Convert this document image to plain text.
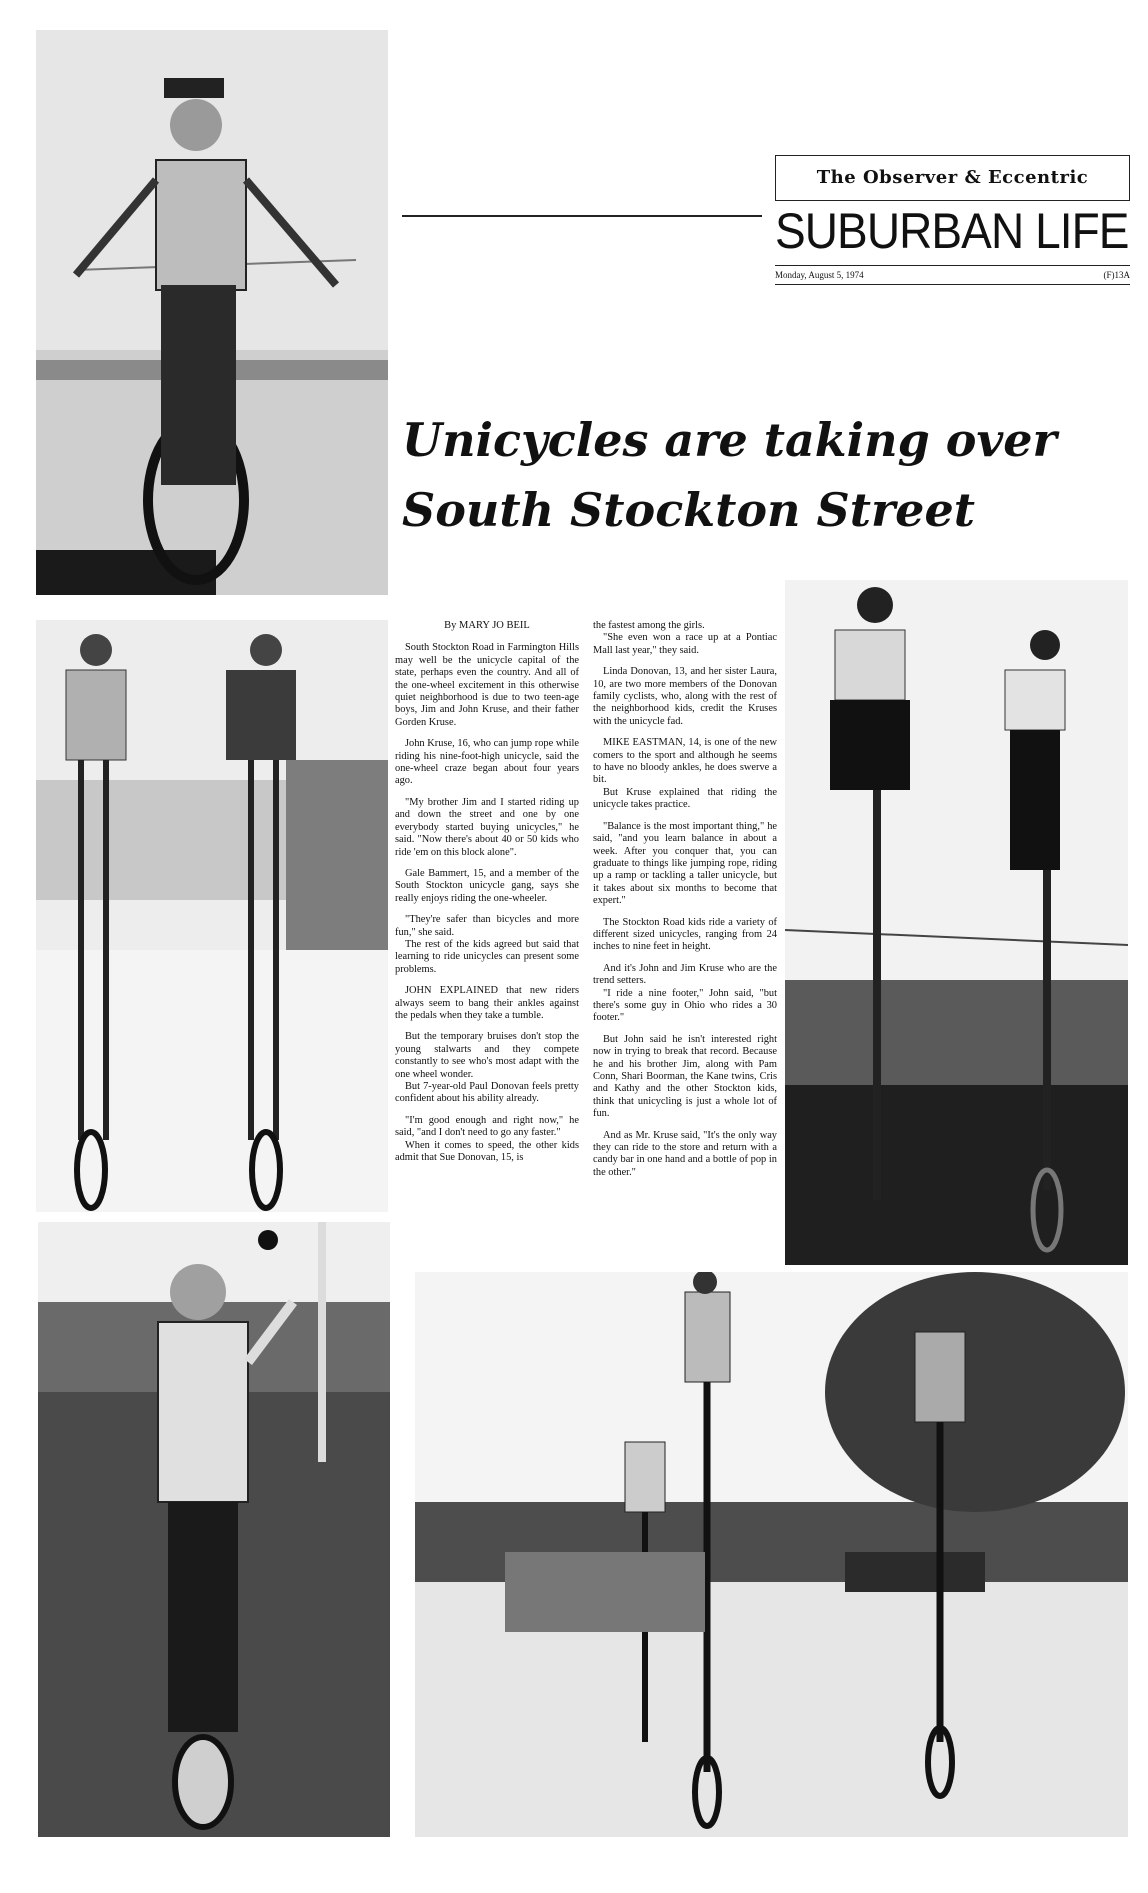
The Observer & Eccentric
SUBURBAN LIFE
Monday, August 5, 1974	(F)13A
Unicycles are taking over
South Stockton Street
By MARY JO BEIL

South Stockton Road in Farmington Hills may well be the unicycle capital of the state, perhaps even the country. And all of the one-wheel excitement in this otherwise quiet neighborhood is due to two teen-age boys, Jim and John Kruse, and their father Gorden Kruse.

John Kruse, 16, who can jump rope while riding his nine-foot-high unicycle, said the one-wheel craze began about four years ago.

"My brother Jim and I started riding up and down the street and one by one everybody started buying unicycles," he said. "Now there's about 40 or 50 kids who ride 'em on this block alone".

Gale Bammert, 15, and a member of the South Stockton unicycle gang, says she really enjoys riding the one-wheeler.

"They're safer than bicycles and more fun," she said.

The rest of the kids agreed but said that learning to ride unicycles can present some problems.

JOHN EXPLAINED that new riders always seem to bang their ankles against the pedals when they take a tumble.

But the temporary bruises don't stop the young stalwarts and they compete constantly to see who's most adapt with the one wheel wonder.

But 7-year-old Paul Donovan feels pretty confident about his ability already.

"I'm good enough and right now," he said, "and I don't need to go any faster."

When it comes to speed, the other kids admit that Sue Donovan, 15, is

the fastest among the girls.

"She even won a race up at a Pontiac Mall last year," they said.

Linda Donovan, 13, and her sister Laura, 10, are two more members of the Donovan family cyclists, who, along with the rest of the neighborhood kids, credit the Kruses with the unicycle fad.

MIKE EASTMAN, 14, is one of the new comers to the sport and although he seems to have no bloody ankles, he does swerve a bit.

But Kruse explained that riding the unicycle takes practice.

"Balance is the most important thing," he said, "and you learn balance in about a week. After you conquer that, you can graduate to things like jumping rope, riding up a ramp or tackling a taller unicycle, but it takes about six months to become that expert."

The Stockton Road kids ride a variety of different sized unicycles, ranging from 24 inches to nine feet in height.

And it's John and Jim Kruse who are the trend setters.

"I ride a nine footer," John said, "but there's some guy in Ohio who rides a 30 footer."

But John said he isn't interested right now in trying to break that record. Because he and his brother Jim, along with Pam Conn, Shari Boorman, the Kane twins, Cris and Kathy and the other Stockton kids, think that unicycling is just a whole lot of fun.

And as Mr. Kruse said, "It's the only way they can ride to the store and return with a candy bar in one hand and a bottle of pop in the other."
